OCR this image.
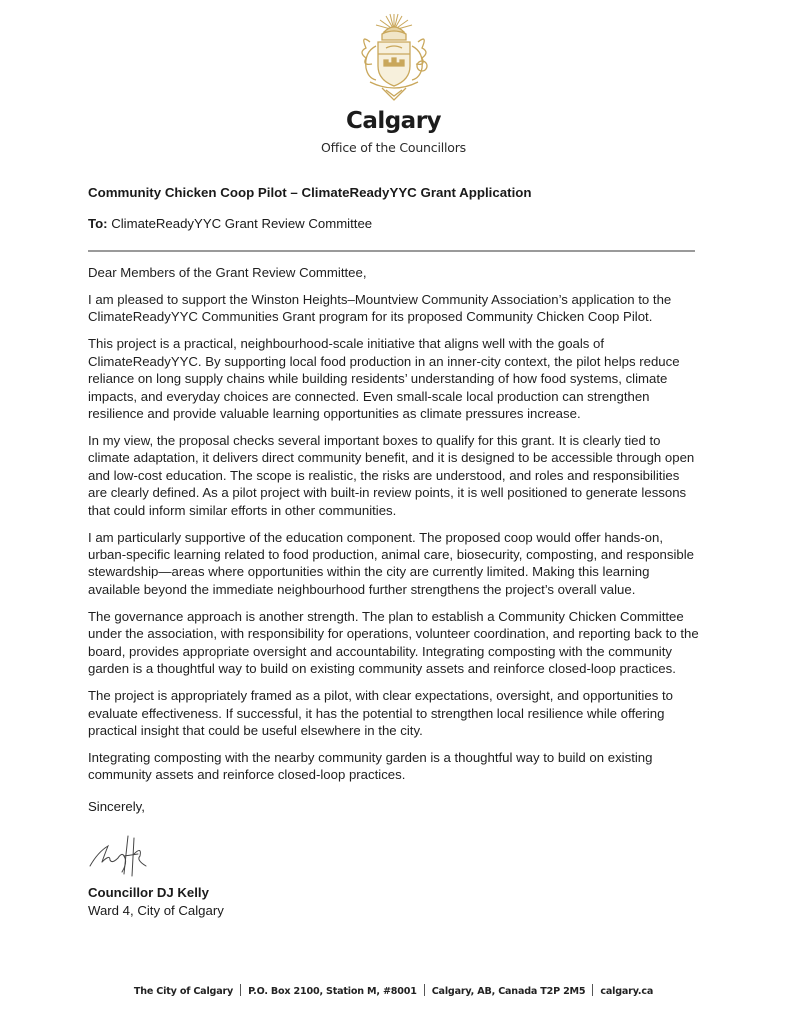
Calgary
Office of the Councillors

Community Chicken Coop Pilot – ClimateReadyYYC Grant Application

To: ClimateReadyYYC Grant Review Committee

Dear Members of the Grant Review Committee,

I am pleased to support the Winston Heights–Mountview Community Association’s application to the ClimateReadyYYC Communities Grant program for its proposed Community Chicken Coop Pilot.

This project is a practical, neighbourhood-scale initiative that aligns well with the goals of ClimateReadyYYC. By supporting local food production in an inner-city context, the pilot helps reduce reliance on long supply chains while building residents’ understanding of how food systems, climate impacts, and everyday choices are connected. Even small-scale local production can strengthen resilience and provide valuable learning opportunities as climate pressures increase.

In my view, the proposal checks several important boxes to qualify for this grant. It is clearly tied to climate adaptation, it delivers direct community benefit, and it is designed to be accessible through open and low-cost education. The scope is realistic, the risks are understood, and roles and responsibilities are clearly defined. As a pilot project with built-in review points, it is well positioned to generate lessons that could inform similar efforts in other communities.

I am particularly supportive of the education component. The proposed coop would offer hands-on, urban-specific learning related to food production, animal care, biosecurity, composting, and responsible stewardship—areas where opportunities within the city are currently limited. Making this learning available beyond the immediate neighbourhood further strengthens the project’s overall value.

The governance approach is another strength. The plan to establish a Community Chicken Committee under the association, with responsibility for operations, volunteer coordination, and reporting back to the board, provides appropriate oversight and accountability. Integrating composting with the community garden is a thoughtful way to build on existing community assets and reinforce closed-loop practices.

The project is appropriately framed as a pilot, with clear expectations, oversight, and opportunities to evaluate effectiveness. If successful, it has the potential to strengthen local resilience while offering practical insight that could be useful elsewhere in the city.

Integrating composting with the nearby community garden is a thoughtful way to build on existing community assets and reinforce closed-loop practices.

Sincerely,
Councillor DJ Kelly
Ward 4, City of Calgary
The City of Calgary P.O. Box 2100, Station M, #8001 Calgary, AB, Canada T2P 2M5 calgary.ca
